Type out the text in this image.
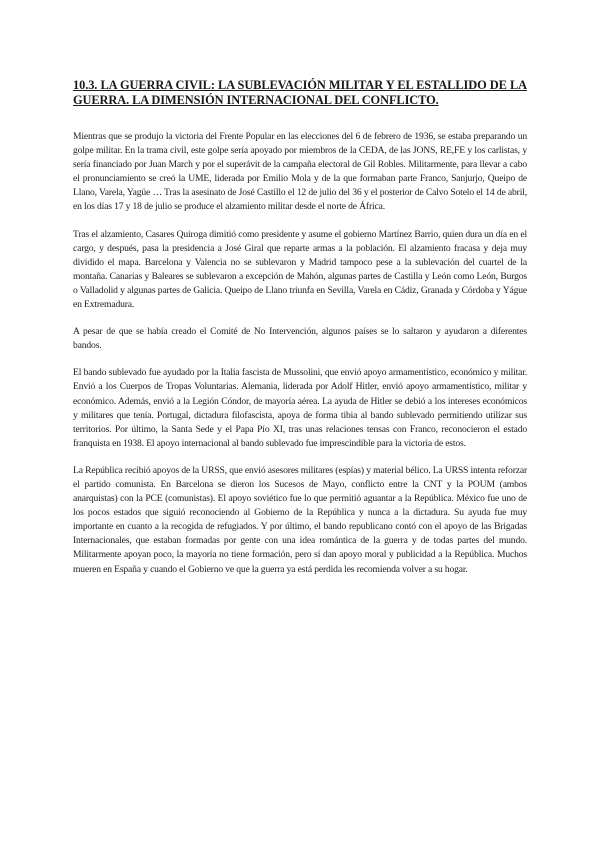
10.3. LA GUERRA CIVIL: LA SUBLEVACIÓN MILITAR Y EL ESTALLIDO DE LA GUERRA. LA DIMENSIÓN INTERNACIONAL DEL CONFLICTO.

Mientras que se produjo la victoria del Frente Popular en las elecciones del 6 de febrero de 1936, se estaba preparando un golpe militar. En la trama civil, este golpe sería apoyado por miembros de la CEDA, de las JONS, RE,FE y los carlistas, y sería financiado por Juan March y por el superávit de la campaña electoral de Gil Robles. Militarmente, para llevar a cabo el pronunciamiento se creó la UME, liderada por Emilio Mola y de la que formaban parte Franco, Sanjurjo, Queipo de Llano, Varela, Yagüe … Tras la asesinato de José Castillo el 12 de julio del 36 y el posterior de Calvo Sotelo el 14 de abril, en los días 17 y 18 de julio se produce el alzamiento militar desde el norte de África.

Tras el alzamiento, Casares Quiroga dimitió como presidente y asume el gobierno Martínez Barrio, quien dura un día en el cargo, y después, pasa la presidencia a José Giral que reparte armas a la población. El alzamiento fracasa y deja muy dividido el mapa. Barcelona y Valencia no se sublevaron y Madrid tampoco pese a la sublevación del cuartel de la montaña. Canarias y Baleares se sublevaron a excepción de Mahón, algunas partes de Castilla y León como León, Burgos o Valladolid y algunas partes de Galicia. Queipo de Llano triunfa en Sevilla, Varela en Cádiz, Granada y Córdoba y Yágue en Extremadura.

A pesar de que se había creado el Comité de No Intervención, algunos países se lo saltaron y ayudaron a diferentes bandos.

El bando sublevado fue ayudado por la Italia fascista de Mussolini, que envió apoyo armamentístico, económico y militar. Envió a los Cuerpos de Tropas Voluntarias. Alemania, liderada por Adolf Hitler, envió apoyo armamentístico, militar y económico. Además, envió a la Legión Cóndor, de mayoría aérea. La ayuda de Hitler se debió a los intereses económicos y militares que tenía. Portugal, dictadura filofascista, apoya de forma tibia al bando sublevado permitiendo utilizar sus territorios. Por último, la Santa Sede y el Papa Pío XI, tras unas relaciones tensas con Franco, reconocieron el estado franquista en 1938. El apoyo internacional al bando sublevado fue imprescindible para la victoria de estos.

La República recibió apoyos de la URSS, que envió asesores militares (espías) y material bélico. La URSS intenta reforzar el partido comunista. En Barcelona se dieron los Sucesos de Mayo, conflicto entre la CNT y la POUM (ambos anarquistas) con la PCE (comunistas). El apoyo soviético fue lo que permitió aguantar a la República. México fue uno de los pocos estados que siguió reconociendo al Gobierno de la República y nunca a la dictadura. Su ayuda fue muy importante en cuanto a la recogida de refugiados. Y por último, el bando republicano contó con el apoyo de las Brigadas Internacionales, que estaban formadas por gente con una idea romántica de la guerra y de todas partes del mundo. Militarmente apoyan poco, la mayoría no tiene formación, pero sí dan apoyo moral y publicidad a la República. Muchos mueren en España y cuando el Gobierno ve que la guerra ya está perdida les recomienda volver a su hogar.
